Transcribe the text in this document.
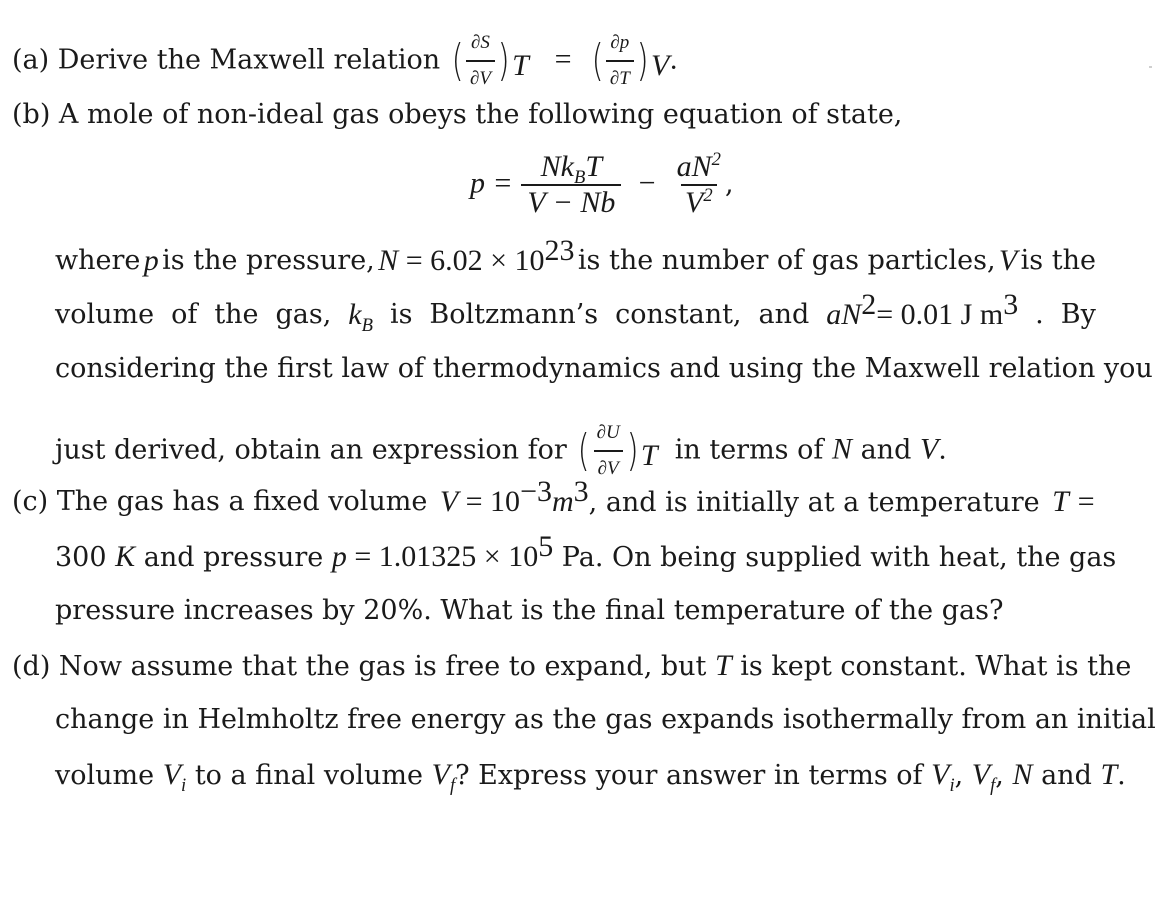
(a) Derive the Maxwell relation ( $\frac{\partial S}{\partial V} )_T$ = ( $\frac{\partial p}{\partial T} )_V$.
(b) A mole of non-ideal gas obeys the following equation of state,
$p = \frac{Nk_BT}{V - Nb} - \frac{aN^2}{V^2}$ ,
where p is the pressure, $N = 6.02 \times 10^{23}$ is the number of gas particles, V is the
volume of the gas, $k_B$ is Boltzmann’s constant, and $aN^2= 0.01$ J $m^3$ . By
considering the first law of thermodynamics and using the Maxwell relation you
just derived, obtain an expression for ( $\frac{\partial U}{\partial V} )_T$ in terms of N and V.
(c) The gas has a fixed volume $V = 10^{-3}m^3$, and is initially at a temperature T =
300 K and pressure $p = 1.01325 \times 10^5$ Pa. On being supplied with heat, the gas
pressure increases by 20%. What is the final temperature of the gas?
(d) Now assume that the gas is free to expand, but T is kept constant. What is the
change in Helmholtz free energy as the gas expands isothermally from an initial
volume $V_i$ to a final volume $V_f$? Express your answer in terms of $V_i$, $V_f$, N and T.
